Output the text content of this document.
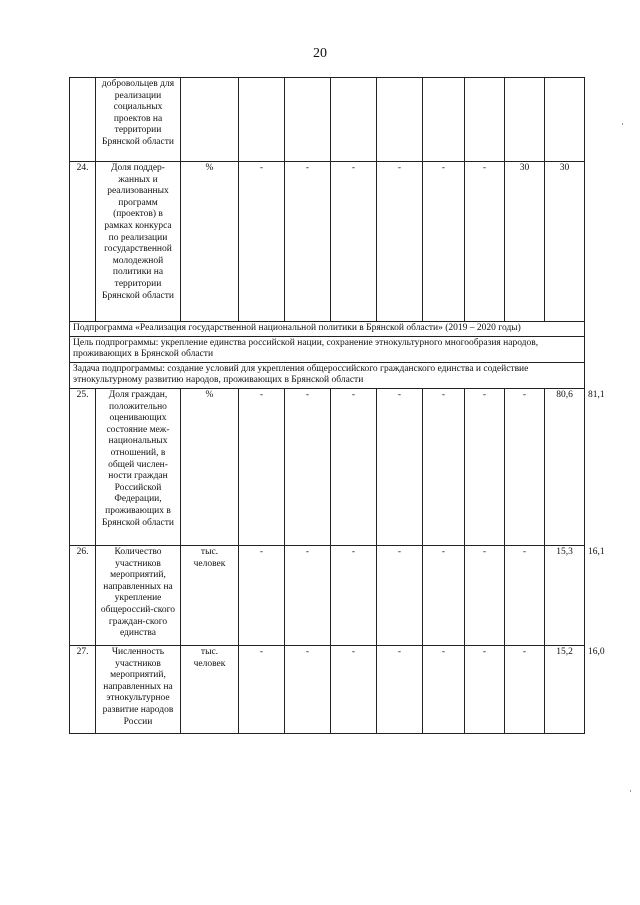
20
	добровольцев для реализации социальных проектов на территории Брянской области										
24.	Доля поддер-жанных и реализованных программ (проектов) в рамках конкурса по реализации государственной молодежной политики на территории Брянской области	%	-	-	-	-	-	-	30	30	
Подпрограмма «Реализация государственной национальной политики в Брянской области» (2019 – 2020 годы)											
Цель подпрограммы: укрепление единства российской нации, сохранение этнокультурного многообразия народов, проживающих в Брянской области											
Задача подпрограммы: создание условий для укрепления общероссийского гражданского единства и содействие этнокультурному развитию народов, проживающих в Брянской области											
25.	Доля граждан, положительно оценивающих состояние меж-национальных отношений, в общей числен-ности граждан Российской Федерации, проживающих в Брянской области	%	-	-	-	-	-	-	-	80,6	81,1
26.	Количество участников мероприятий, направленных на укрепление общероссий-ского граждан-ского единства	тыс. человек	-	-	-	-	-	-	-	15,3	16,1
27.	Численность участников мероприятий, направленных на этнокультурное развитие народов России	тыс. человек	-	-	-	-	-	-	-	15,2	16,0
